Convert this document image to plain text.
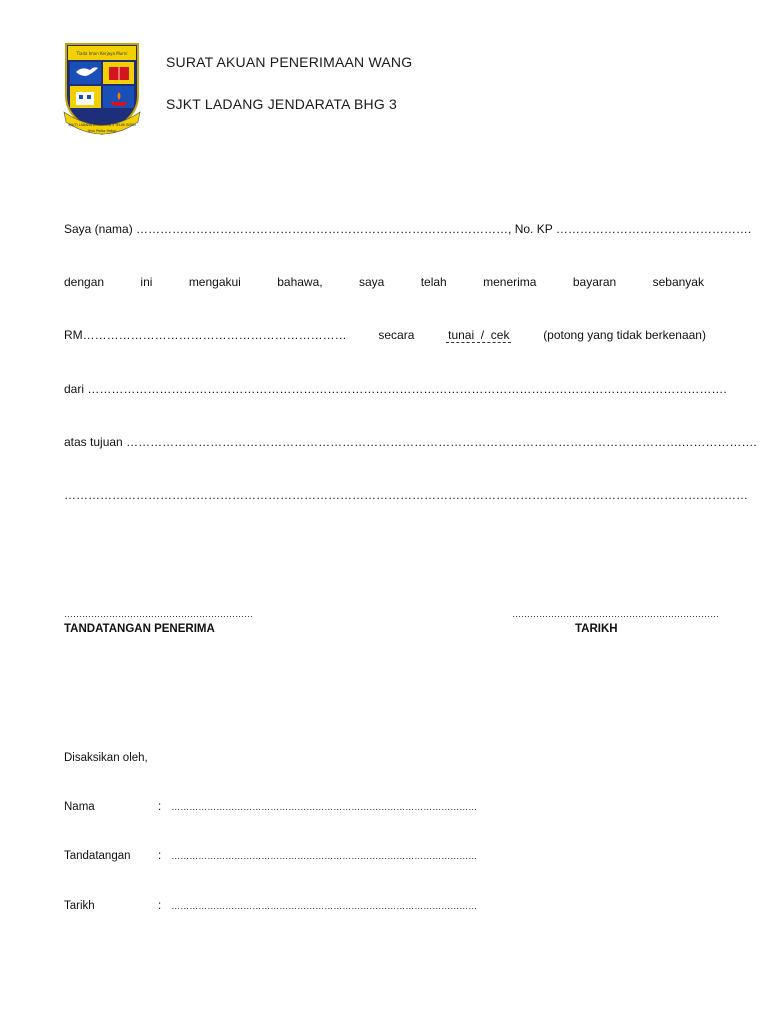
Tiada Iman Kerjaya Murni
SJK(T) LADANG JENDARATA 3 TELUK INTAN
Ilmu Pelita Hidup
SURAT AKUAN PENERIMAAN WANG
SJKT LADANG JENDARATA BHG 3
Saya (nama) …………………………………………………………………………………, No. KP ………………………………………….
dengan	ini	mengakui	bahawa,	saya	telah	menerima	bayaran	sebanyak
RM…………………………………………………………	secara	tunai  /  cek	(potong yang tidak berkenaan)
dari …………………………………………………………………………………………………………………………………………….
atas tujuan ………………………………………………………………………………………………………………………….……………….
………………………………………………………………………………………………………………………………………………………
………………………………………………………
TANDATANGAN PENERIMA
……………………………………………………………
TARIKH
Disaksikan oleh,
Nama	: …………………………………………………………………………………………
Tandatangan : …………………………………………………………………………………………
Tarikh	: …………………………………………………………………………………………
